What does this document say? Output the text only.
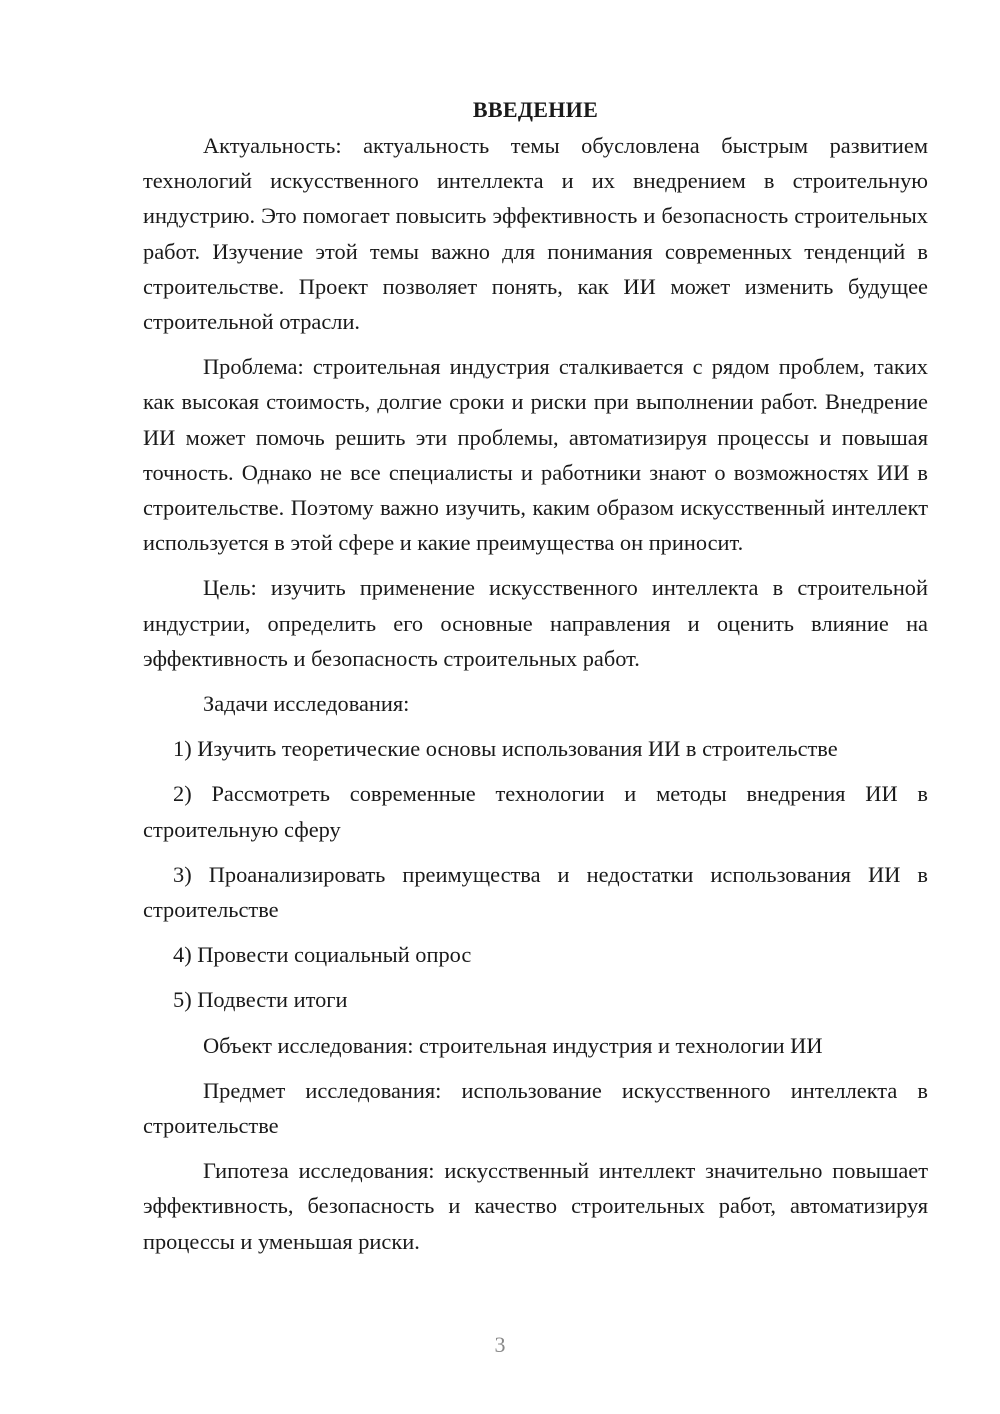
ВВЕДЕНИЕ

Актуальность: актуальность темы обусловлена быстрым развитием технологий искусственного интеллекта и их внедрением в строительную индустрию. Это помогает повысить эффективность и безопасность строительных работ. Изучение этой темы важно для понимания современных тенденций в строительстве. Проект позволяет понять, как ИИ может изменить будущее строительной отрасли.

Проблема: строительная индустрия сталкивается с рядом проблем, таких как высокая стоимость, долгие сроки и риски при выполнении работ. Внедрение ИИ может помочь решить эти проблемы, автоматизируя процессы и повышая точность. Однако не все специалисты и работники знают о возможностях ИИ в строительстве. Поэтому важно изучить, каким образом искусственный интеллект используется в этой сфере и какие преимущества он приносит.

Цель: изучить применение искусственного интеллекта в строительной индустрии, определить его основные направления и оценить влияние на эффективность и безопасность строительных работ.

Задачи исследования:

1) Изучить теоретические основы использования ИИ в строительстве

2) Рассмотреть современные технологии и методы внедрения ИИ в строительную сферу

3) Проанализировать преимущества и недостатки использования ИИ в строительстве

4) Провести социальный опрос

5) Подвести итоги

Объект исследования: строительная индустрия и технологии ИИ

Предмет исследования: использование искусственного интеллекта в строительстве

Гипотеза исследования: искусственный интеллект значительно повышает эффективность, безопасность и качество строительных работ, автоматизируя процессы и уменьшая риски.

3
